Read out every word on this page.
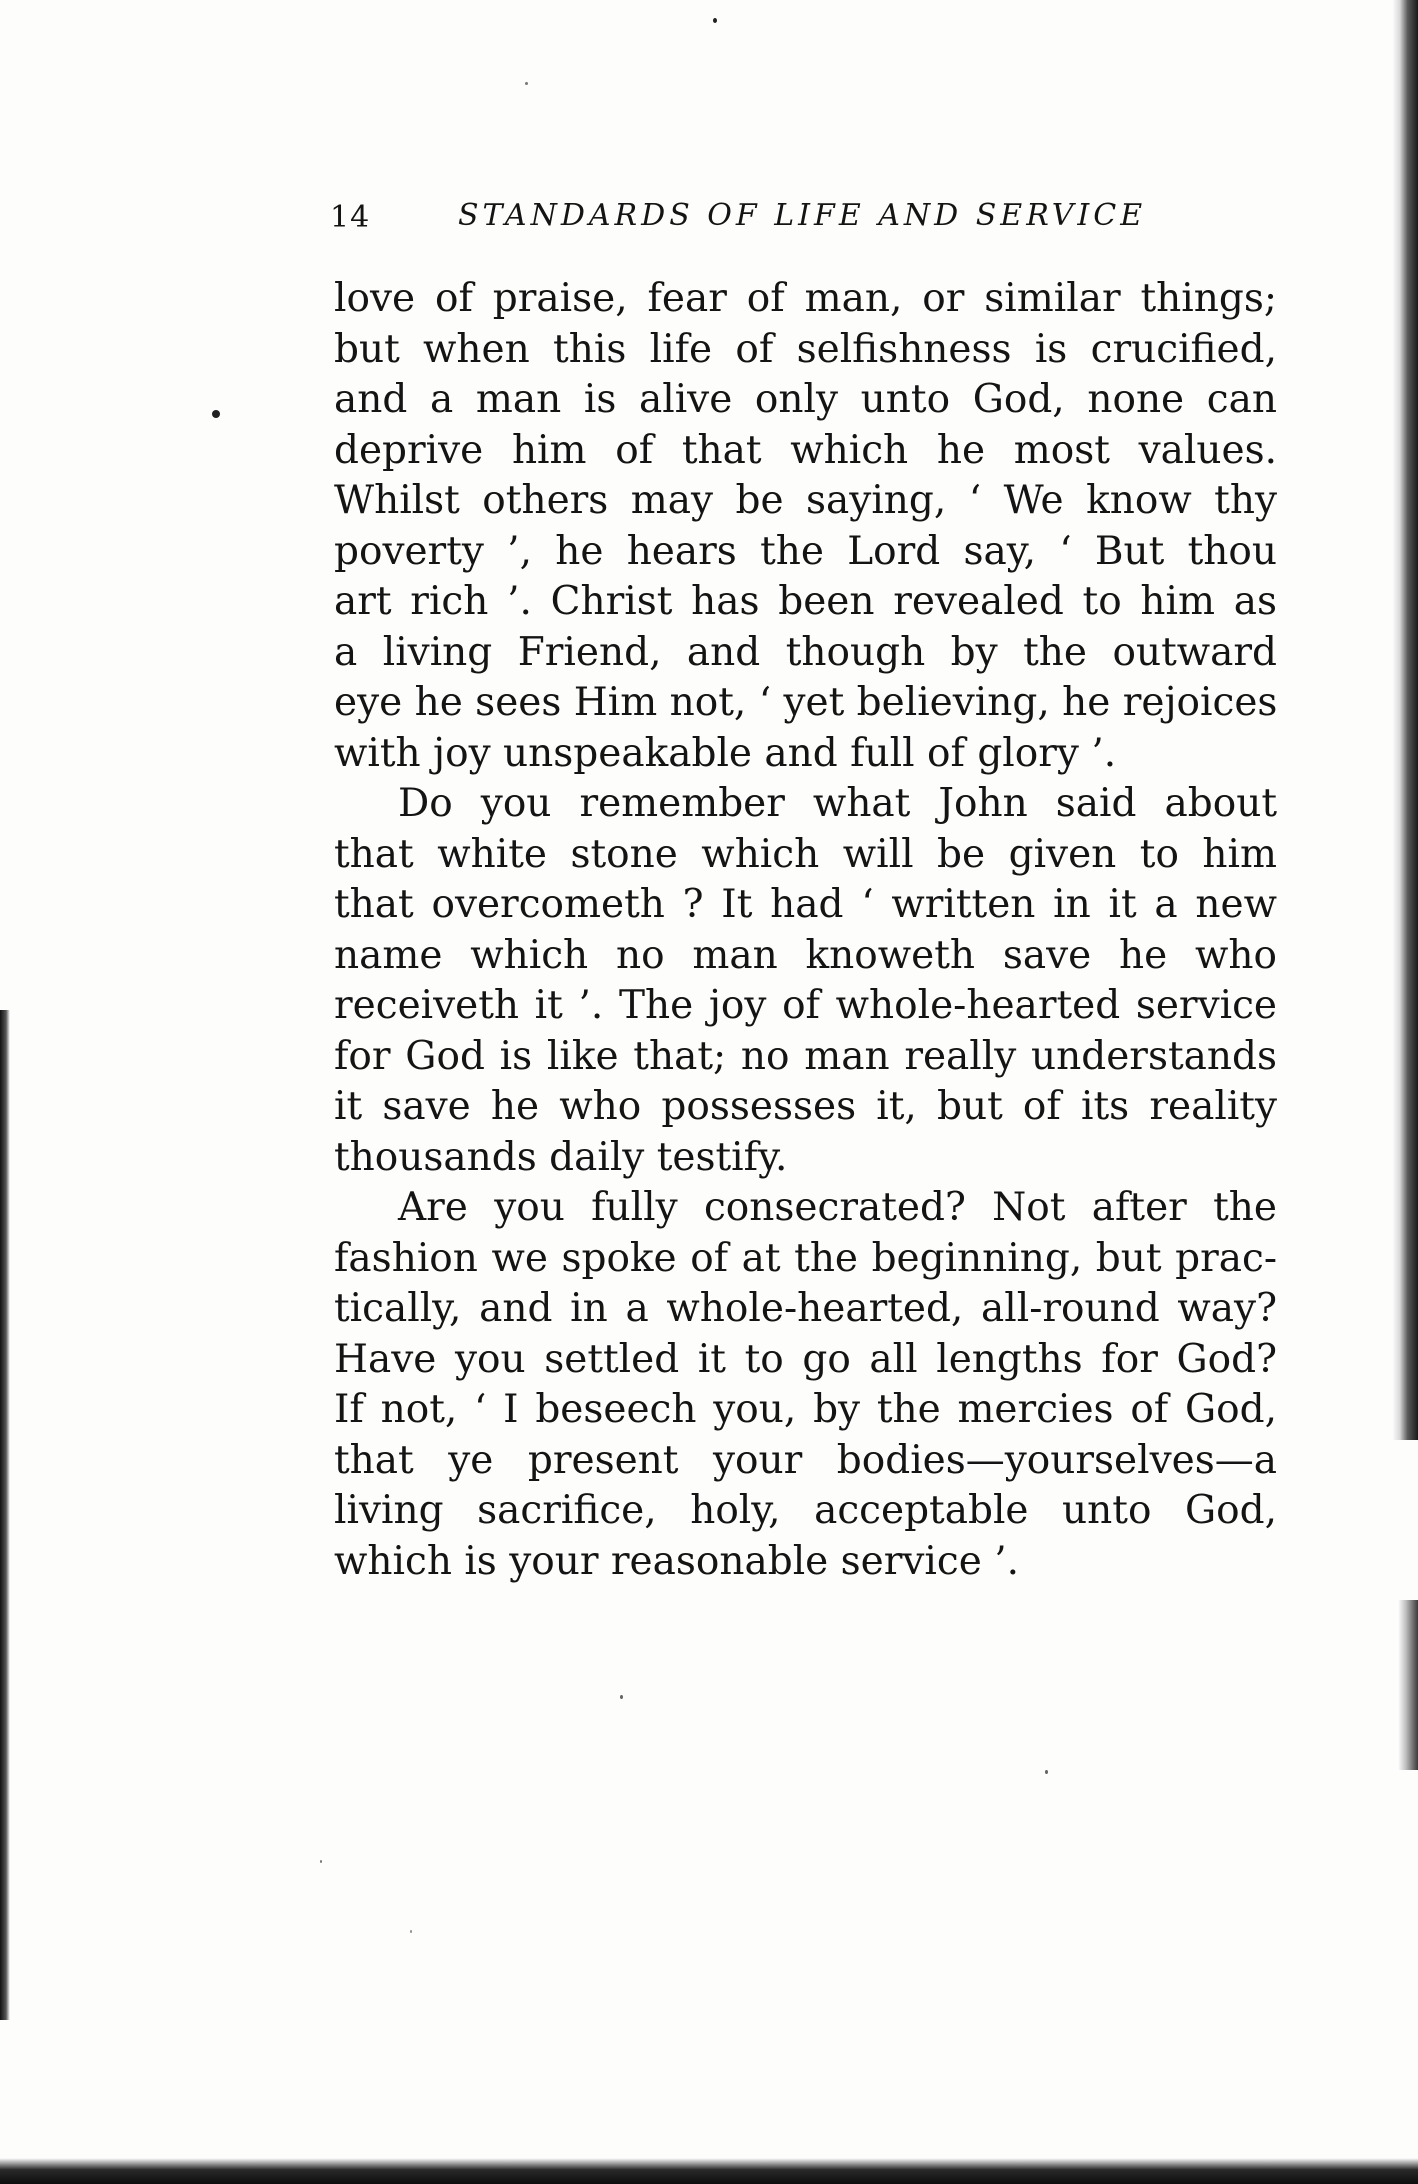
14	STANDARDS OF LIFE AND SERVICE
love of praise, fear of man, or similar things;
but when this life of selfishness is crucified,
and a man is alive only unto God, none can
deprive him of that which he most values.
Whilst others may be saying, ‘ We know thy
poverty ’, he hears the Lord say, ‘ But thou
art rich ’. Christ has been revealed to him as
a living Friend, and though by the outward
eye he sees Him not, ‘ yet believing, he rejoices
with joy unspeakable and full of glory ’.
Do you remember what John said about
that white stone which will be given to him
that overcometh ? It had ‘ written in it a new
name which no man knoweth save he who
receiveth it ’. The joy of whole-hearted service
for God is like that; no man really understands
it save he who possesses it, but of its reality
thousands daily testify.
Are you fully consecrated? Not after the
fashion we spoke of at the beginning, but prac-
tically, and in a whole-hearted, all-round way?
Have you settled it to go all lengths for God?
If not, ‘ I beseech you, by the mercies of God,
that ye present your bodies—yourselves—a
living sacrifice, holy, acceptable unto God,
which is your reasonable service ’.
